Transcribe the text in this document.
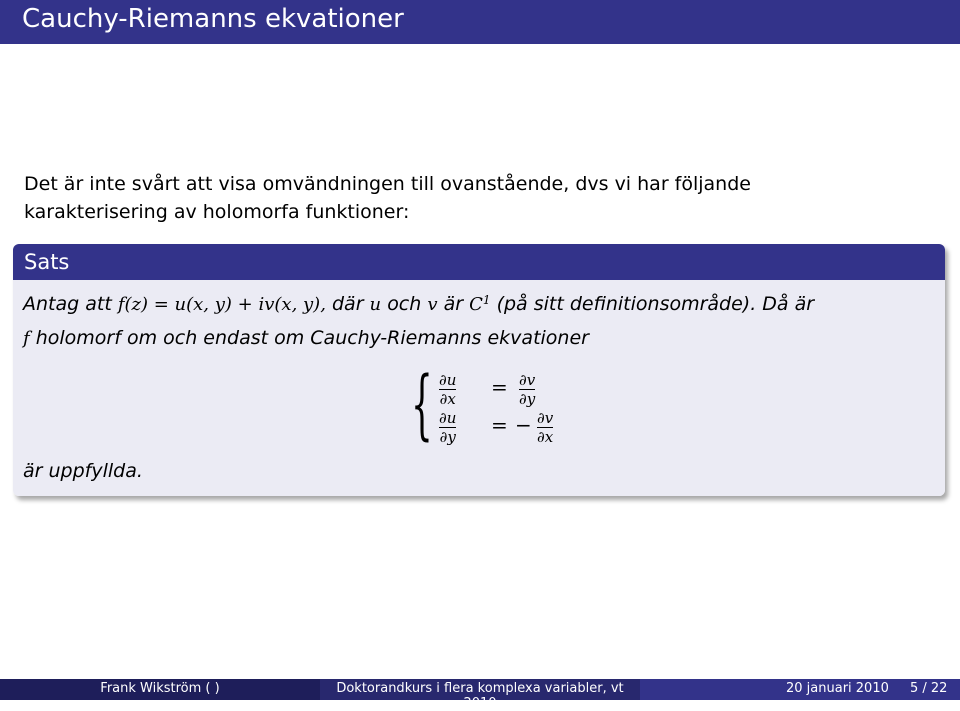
Cauchy-Riemanns ekvationer

Det är inte svårt att visa omvändningen till ovanstående, dvs vi har följande

karakterisering av holomorfa funktioner:

Sats
Antag att f(z) = u(x, y) + iv(x, y), där u och v är $C^1$ (på sitt definitionsområde). Då är
f holomorf om och endast om Cauchy-Riemanns ekvationer
{ ∂u
∂x = ∂v
∂y
∂u
∂y = − ∂v
∂x
är uppfyllda.
Frank Wikström ( )	Doktorandkurs i flera komplexa variabler, vt 2010
20 januari 2010 5 / 22
